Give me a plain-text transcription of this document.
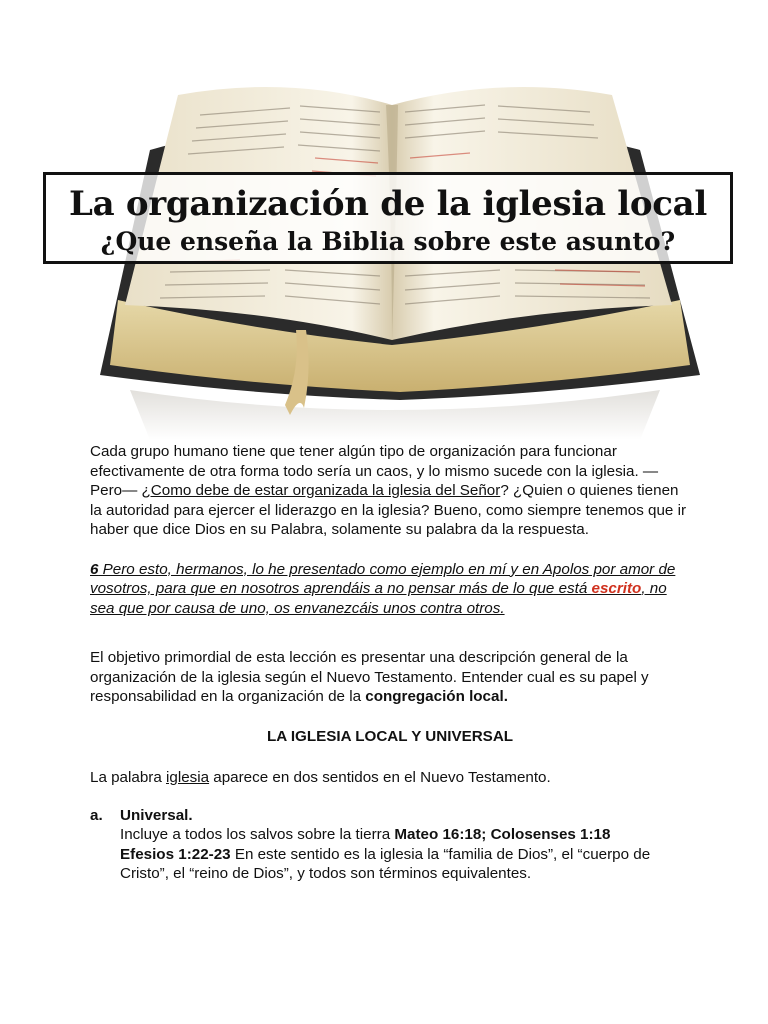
La organización de la iglesia local
¿Que enseña la Biblia sobre este asunto?

Cada grupo humano tiene que tener algún tipo de organización para funcionar efectivamente de otra forma todo sería un caos, y lo mismo sucede con la iglesia. —Pero— ¿Como debe de estar organizada la iglesia del Señor? ¿Quien o quienes tienen la autoridad para ejercer el liderazgo en la iglesia? Bueno, como siempre tenemos que ir haber que dice Dios en su Palabra, solamente su palabra da la respuesta.

6 Pero esto, hermanos, lo he presentado como ejemplo en mí y en Apolos por amor de vosotros, para que en nosotros aprendáis a no pensar más de lo que está escrito, no sea que por causa de uno, os envanezcáis unos contra otros.

El objetivo primordial de esta lección es presentar una descripción general de la organización de la iglesia según el Nuevo Testamento. Entender cual es su papel y responsabilidad en la organización de la congregación local.

LA IGLESIA LOCAL Y UNIVERSAL

La palabra iglesia aparece en dos sentidos en el Nuevo Testamento.

a.	Universal.
Incluye a todos los salvos sobre la tierra Mateo 16:18; Colosenses 1:18
Efesios 1:22-23 En este sentido es la iglesia la “familia de Dios”, el “cuerpo de Cristo”, el “reino de Dios”, y todos son términos equivalentes.
